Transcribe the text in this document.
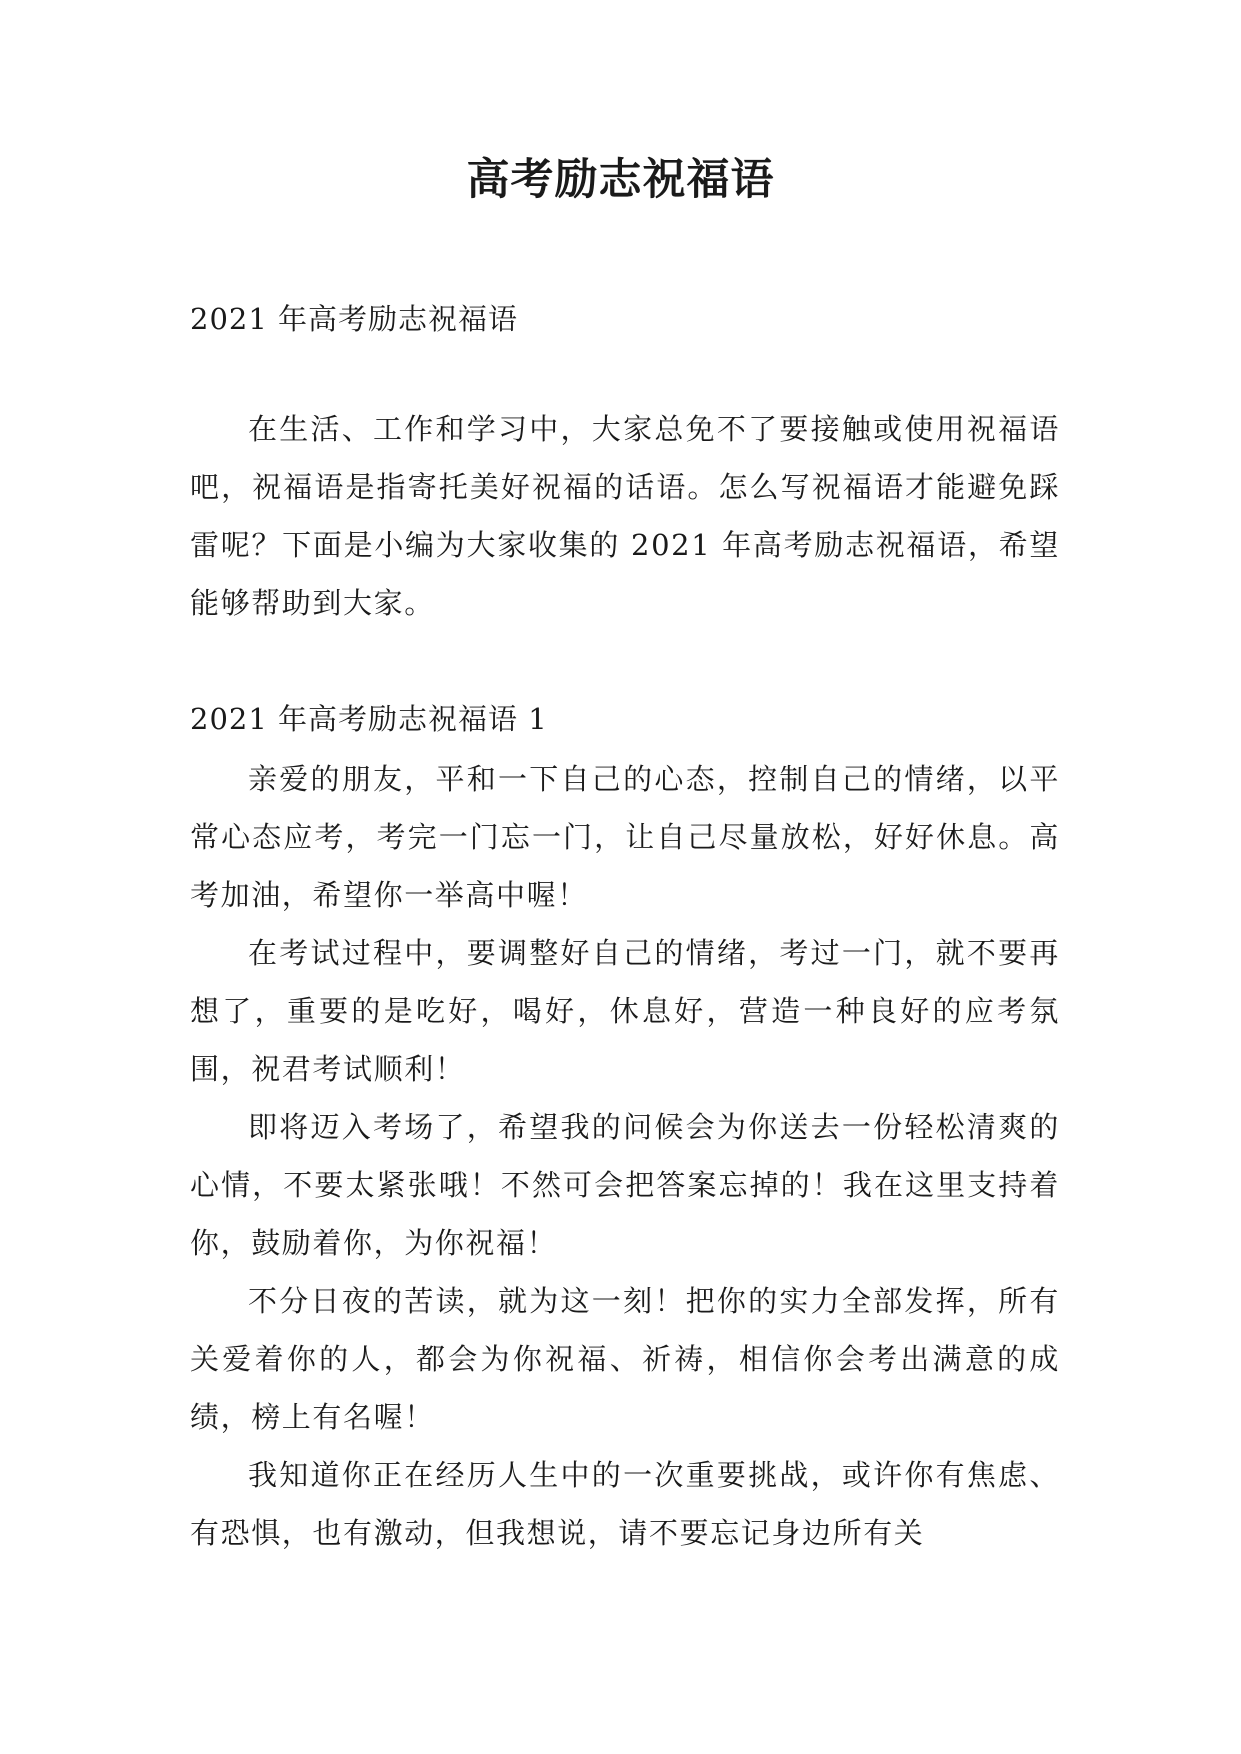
高考励志祝福语

2021 年高考励志祝福语

在生活、工作和学习中，大家总免不了要接触或使用祝福语吧，祝福语是指寄托美好祝福的话语。怎么写祝福语才能避免踩雷呢？下面是小编为大家收集的 2021 年高考励志祝福语，希望能够帮助到大家。

2021 年高考励志祝福语 1

亲爱的朋友，平和一下自己的心态，控制自己的情绪，以平常心态应考，考完一门忘一门，让自己尽量放松，好好休息。高考加油，希望你一举高中喔！

在考试过程中，要调整好自己的情绪，考过一门，就不要再想了，重要的是吃好，喝好，休息好，营造一种良好的应考氛围，祝君考试顺利！

即将迈入考场了，希望我的问候会为你送去一份轻松清爽的心情，不要太紧张哦！不然可会把答案忘掉的！我在这里支持着你，鼓励着你，为你祝福！

不分日夜的苦读，就为这一刻！把你的实力全部发挥，所有关爱着你的人，都会为你祝福、祈祷，相信你会考出满意的成绩，榜上有名喔！

我知道你正在经历人生中的一次重要挑战，或许你有焦虑、有恐惧，也有激动，但我想说，请不要忘记身边所有关
